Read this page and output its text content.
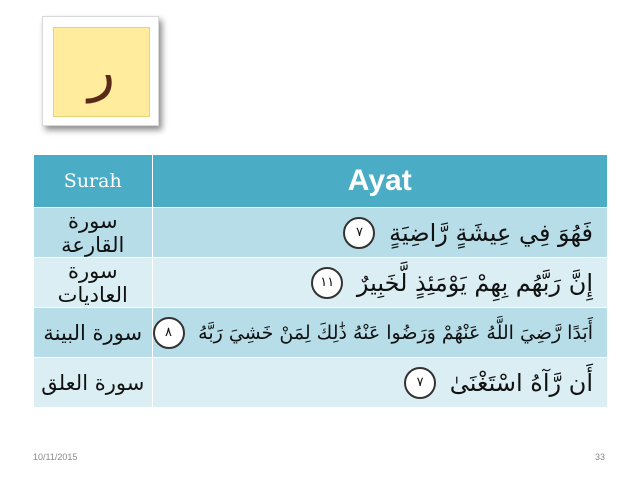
ر
Surah	Ayat
سورة القارعة	فَهُوَ فِي عِيشَةٍ رَّاضِيَةٍ ٧
سورة العاديات	إِنَّ رَبَّهُم بِهِمْ يَوْمَئِذٍ لَّخَبِيرٌ ١١
سورة البينة	أَبَدًا رَّضِيَ اللَّهُ عَنْهُمْ وَرَضُوا عَنْهُ ذَٰلِكَ لِمَنْ خَشِيَ رَبَّهُ ٨
سورة العلق	أَن رَّآهُ اسْتَغْنَىٰ ٧
10/11/2015	33
